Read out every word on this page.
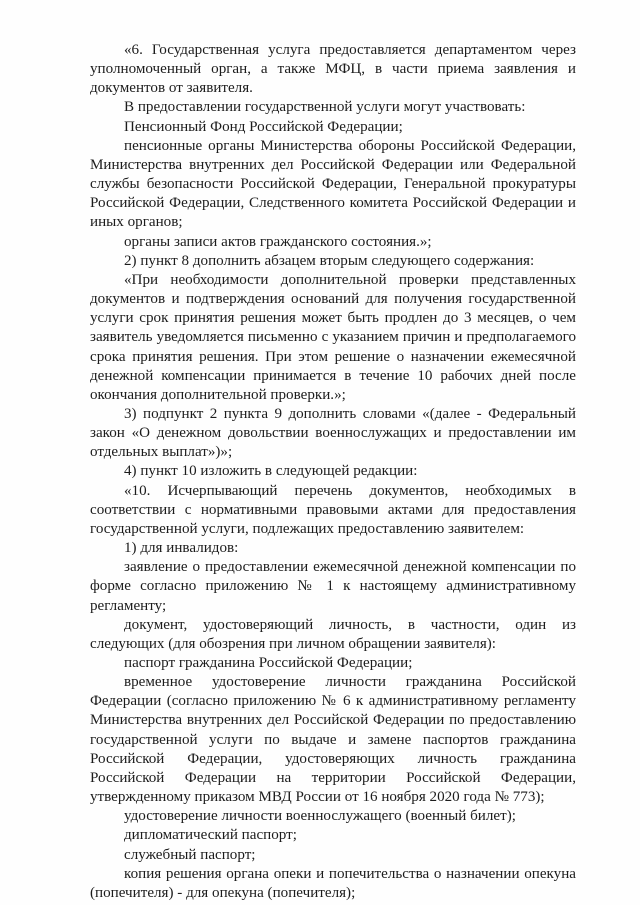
«6. Государственная услуга предоставляется департаментом через уполномоченный орган, а также МФЦ, в части приема заявления и документов от заявителя.

В предоставлении государственной услуги могут участвовать:

Пенсионный Фонд Российской Федерации;

пенсионные органы Министерства обороны Российской Федерации, Министерства внутренних дел Российской Федерации или Федеральной службы безопасности Российской Федерации, Генеральной прокуратуры Российской Федерации, Следственного комитета Российской Федерации и иных органов;

органы записи актов гражданского состояния.»;

2) пункт 8 дополнить абзацем вторым следующего содержания:

«При необходимости дополнительной проверки представленных документов и подтверждения оснований для получения государственной услуги срок принятия решения может быть продлен до 3 месяцев, о чем заявитель уведомляется письменно с указанием причин и предполагаемого срока принятия решения. При этом решение о назначении ежемесячной денежной компенсации принимается в течение 10 рабочих дней после окончания дополнительной проверки.»;

3) подпункт 2 пункта 9 дополнить словами «(далее - Федеральный закон «О денежном довольствии военнослужащих и предоставлении им отдельных выплат»)»;

4) пункт 10 изложить в следующей редакции:

«10. Исчерпывающий перечень документов, необходимых в соответствии с нормативными правовыми актами для предоставления государственной услуги, подлежащих предоставлению заявителем:

1) для инвалидов:

заявление о предоставлении ежемесячной денежной компенсации по форме согласно приложению № 1 к настоящему административному регламенту;

документ, удостоверяющий личность, в частности, один из следующих (для обозрения при личном обращении заявителя):

паспорт гражданина Российской Федерации;

временное удостоверение личности гражданина Российской Федерации (согласно приложению № 6 к административному регламенту Министерства внутренних дел Российской Федерации по предоставлению государственной услуги по выдаче и замене паспортов гражданина Российской Федерации, удостоверяющих личность гражданина Российской Федерации на территории Российской Федерации, утвержденному приказом МВД России от 16 ноября 2020 года № 773);

удостоверение личности военнослужащего (военный билет);

дипломатический паспорт;

служебный паспорт;

копия решения органа опеки и попечительства о назначении опекуна (попечителя) - для опекуна (попечителя);
